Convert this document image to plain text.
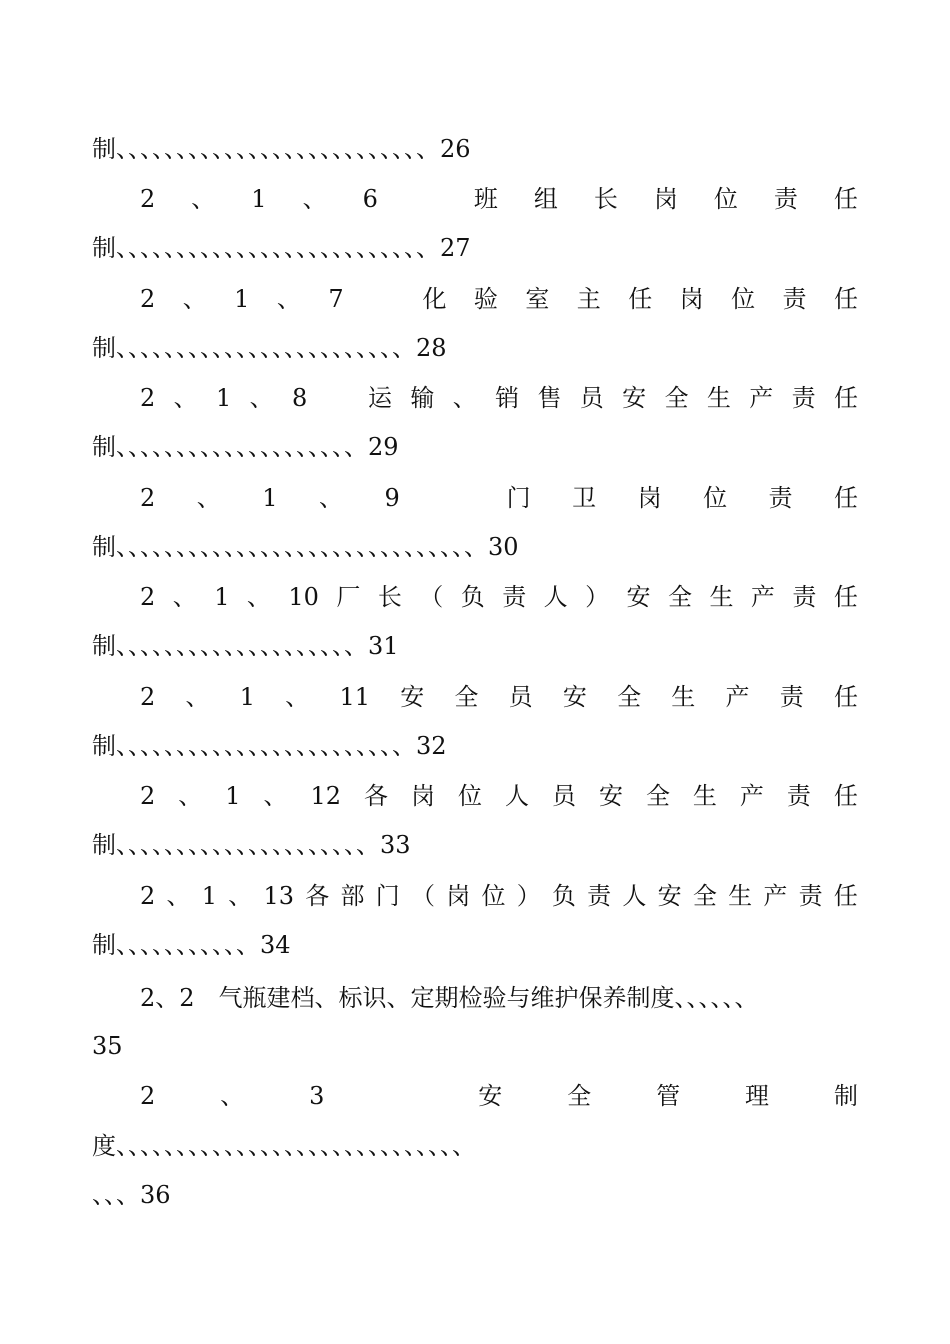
制、、、、、、、、、、、、、、、、、、、、、、、、、、26
2 、 1 、 6
　	班 组 长 岗 位 责 任
制、、、、、、、、、、、、、、、、、、、、、、、、、、27
2 、 1 、 7
　	化 验 室 主 任 岗 位 责 任
制、、、、、、、、、、、、、、、、、、、、、、、、28
2 、 1 、 8
　	运 输 、 销 售 员 安 全 生 产 责 任
制、、、、、、、、、、、、、、、、、、、、29
2 、 1 、 9
　	门 卫 岗 位 责 任
制、、、、、、、、、、、、、、、、、、、、、、、、、、、、、、30
2 、 1 、 10 厂 长 （ 负 责 人 ） 安 全 生 产 责 任
制、、、、、、、、、、、、、、、、、、、、31
2 、 1 、 11 安 全 员 安 全 生 产 责 任
制、、、、、、、、、、、、、、、、、、、、、、、、32
2 、 1 、 12 各 岗 位 人 员 安 全 生 产 责 任
制、、、、、、、、、、、、、、、、、、、、、33
2 、 1 、 13 各 部 门 （ 岗 位 ） 负 责 人 安 全 生 产 责 任
制、、、、、、、、、、、34
2、2　气瓶建档、标识、定期检验与维护保养制度、、、、、、
35
2	、	3
　	安	全	管	理	制
度、、、、、、、、、、、、、、、、、、、、、、、、、、、、、
、、、36
